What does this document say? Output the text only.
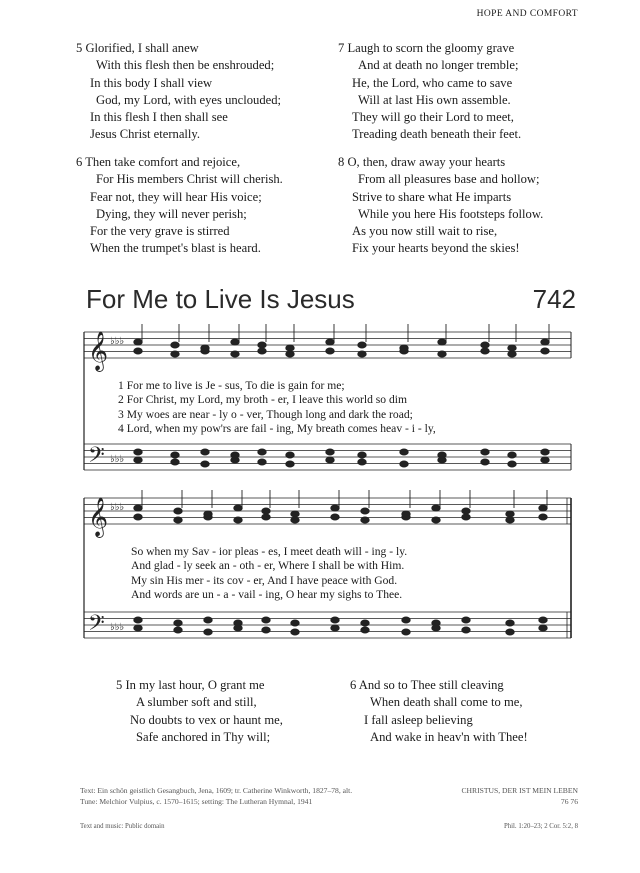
HOPE AND COMFORT
5 Glorified, I shall anew
With this flesh then be enshrouded;
In this body I shall view
God, my Lord, with eyes unclouded;
In this flesh I then shall see
Jesus Christ eternally.
7 Laugh to scorn the gloomy grave
And at death no longer tremble;
He, the Lord, who came to save
Will at last His own assemble.
They will go their Lord to meet,
Treading death beneath their feet.
6 Then take comfort and rejoice,
For His members Christ will cherish.
Fear not, they will hear His voice;
Dying, they will never perish;
For the very grave is stirred
When the trumpet's blast is heard.
8 O, then, draw away your hearts
From all pleasures base and hollow;
Strive to share what He imparts
While you here His footsteps follow.
As you now still wait to rise,
Fix your hearts beyond the skies!
For Me to Live Is Jesus	742
𝄞
𝄢
♭♭♭
♭♭♭
𝄞
𝄢
♭♭♭
♭♭♭
1 For me to live is Je - sus, To die is gain for me;
2 For Christ, my Lord, my broth - er, I leave this world so dim
3 My woes are near - ly o - ver, Though long and dark the road;
4 Lord, when my pow'rs are fail - ing, My breath comes heav - i - ly,
So when my Sav - ior pleas - es, I meet death will - ing - ly.
And glad - ly seek an - oth - er, Where I shall be with Him.
My sin His mer - its cov - er, And I have peace with God.
And words are un - a - vail - ing, O hear my sighs to Thee.
5 In my last hour, O grant me
A slumber soft and still,
No doubts to vex or haunt me,
Safe anchored in Thy will;
6 And so to Thee still cleaving
When death shall come to me,
I fall asleep believing
And wake in heav'n with Thee!
Text: Ein schön geistlich Gesangbuch, Jena, 1609; tr. Catherine Winkworth, 1827–78, alt.
Tune: Melchior Vulpius, c. 1570–1615; setting: The Lutheran Hymnal, 1941
CHRISTUS, DER IST MEIN LEBEN
76 76
Text and music: Public domain	Phil. 1:20–23; 2 Cor. 5:2, 8
